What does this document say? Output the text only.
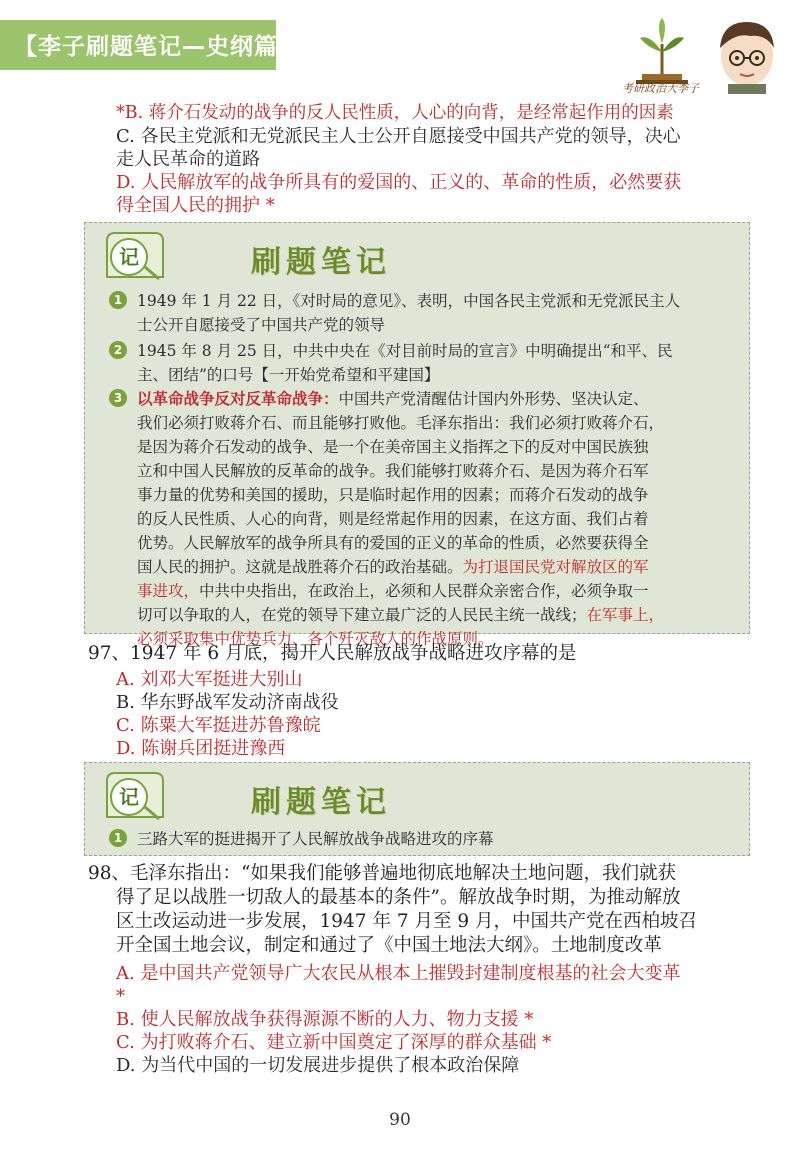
【李子刷题笔记—史纲篇】
考研政治大李子
*B. 蒋介石发动的战争的反人民性质，人心的向背，是经常起作用的因素
C. 各民主党派和无党派民主人士公开自愿接受中国共产党的领导，决心
走人民革命的道路
D. 人民解放军的战争所具有的爱国的、正义的、革命的性质，必然要获
得全国人民的拥护 *
记	刷题笔记
1 1949 年 1 月 22 日，《对时局的意见》、表明，中国各民主党派和无党派民主人
士公开自愿接受了中国共产党的领导
2 1945 年 8 月 25 日，中共中央在《对目前时局的宣言》中明确提出“和平、民
主、团结”的口号【一开始党希望和平建国】
3 以革命战争反对反革命战争：中国共产党清醒估计国内外形势、坚决认定、
我们必须打败蒋介石、而且能够打败他。毛泽东指出：我们必须打败蒋介石，
是因为蒋介石发动的战争、是一个在美帝国主义指挥之下的反对中国民族独
立和中国人民解放的反革命的战争。我们能够打败蒋介石、是因为蒋介石军
事力量的优势和美国的援助，只是临时起作用的因素；而蒋介石发动的战争
的反人民性质、人心的向背，则是经常起作用的因素，在这方面、我们占着
优势。人民解放军的战争所具有的爱国的正义的革命的性质，必然要获得全
国人民的拥护。这就是战胜蒋介石的政治基础。为打退国民党对解放区的军
事进攻，中共中央指出，在政治上，必须和人民群众亲密合作，必须争取一
切可以争取的人，在党的领导下建立最广泛的人民民主统一战线；在军事上，
必须采取集中优势兵力、各个歼灭敌人的作战原则。
97、1947 年 6 月底，揭开人民解放战争战略进攻序幕的是
A. 刘邓大军挺进大别山
B. 华东野战军发动济南战役
C. 陈粟大军挺进苏鲁豫皖
D. 陈谢兵团挺进豫西
记	刷题笔记
1 三路大军的挺进揭开了人民解放战争战略进攻的序幕
98、毛泽东指出：“如果我们能够普遍地彻底地解决土地问题，我们就获
得了足以战胜一切敌人的最基本的条件”。解放战争时期，为推动解放
区土改运动进一步发展，1947 年 7 月至 9 月，中国共产党在西柏坡召
开全国土地会议，制定和通过了《中国土地法大纲》。土地制度改革
A. 是中国共产党领导广大农民从根本上摧毁封建制度根基的社会大变革
*
B. 使人民解放战争获得源源不断的人力、物力支援 *
C. 为打败蒋介石、建立新中国奠定了深厚的群众基础 *
D. 为当代中国的一切发展进步提供了根本政治保障
90
